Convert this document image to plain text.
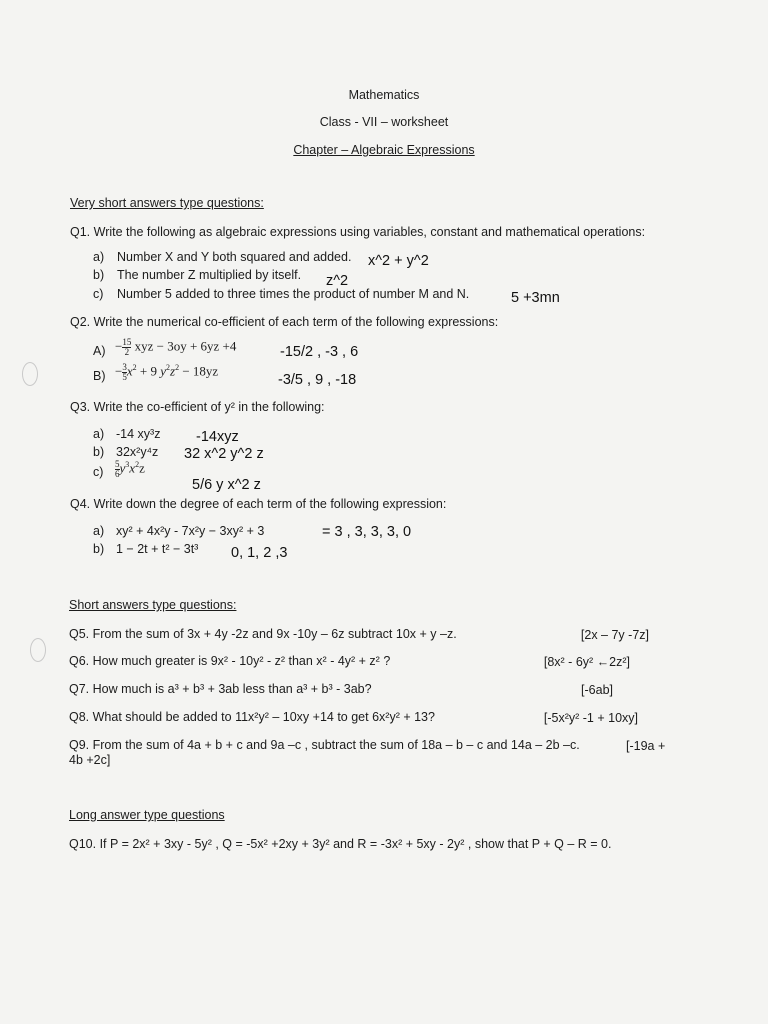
Mathematics
Class - VII – worksheet
Chapter – Algebraic Expressions
Very short answers type questions:
Q1. Write the following as algebraic expressions using variables, constant and mathematical operations:
a) Number X and Y both squared and added. x^2 + y^2
b) The number Z multiplied by itself. z^2
c) Number 5 added to three times the product of number M and N.	5 +3mn
Q2. Write the numerical co-efficient of each term of the following expressions:
$A) - \frac{15}{2}$ xyz − 3oy + 6yz +4	-15/2 , -3 , 6
$B) - \frac{3}{5} x^2 + 9$ $y^2z^2 - 18yz$
-3/5 , 9 , -18
Q3. Write the co-efficient of y² in the following:
a) -14 xy³z -14xyz
b) 32x²y⁴z 32 x^2 y^2 z
$c) \frac{5}{6} y^3x^2z$
5/6 y x^2 z
Q4. Write down the degree of each term of the following expression:
a) xy² + 4x²y - 7x²y − 3xy² + 3	= 3 , 3, 3, 3, 0
b) 1 − 2t + t² − 3t³ 0, 1, 2 ,3
Short answers type questions:
Q5. From the sum of 3x + 4y -2z and 9x -10y – 6z subtract 10x + y –z.	[2x – 7y -7z]
Q6. How much greater is 9x² - 10y² - z² than x² - 4y² + z² ?	[8x² - 6y² ←2z²]
Q7. How much is a³ + b³ + 3ab less than a³ + b³ - 3ab?	[-6ab]
Q8. What should be added to 11x²y² – 10xy +14 to get 6x²y² + 13?	[-5x²y² -1 + 10xy]
Q9. From the sum of 4a + b + c and 9a –c , subtract the sum of 18a – b – c and 14a – 2b –c.	[-19a +
4b +2c]
Long answer type questions
Q10. If P = 2x² + 3xy - 5y² , Q = -5x² +2xy + 3y² and R = -3x² + 5xy - 2y² , show that P + Q – R = 0.
